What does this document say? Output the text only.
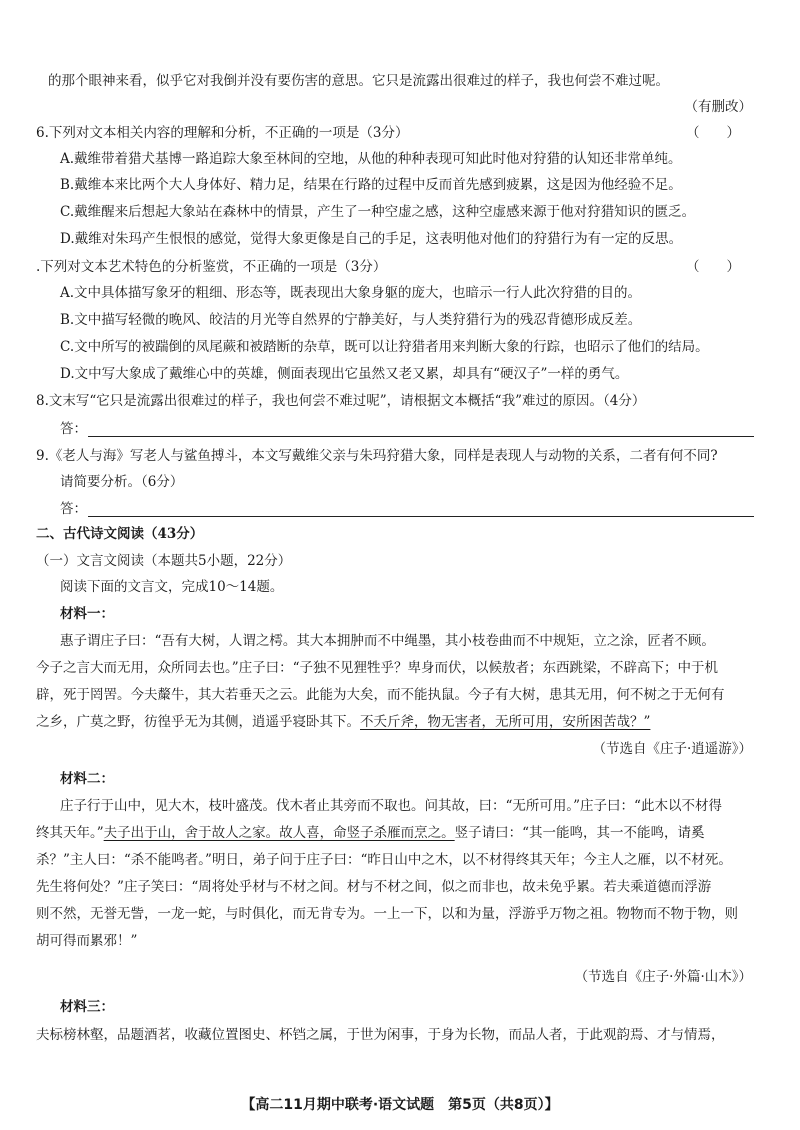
的那个眼神来看，似乎它对我倒并没有要伤害的意思。它只是流露出很难过的样子，我也何尝不难过呢。
（有删改）
6.下列对文本相关内容的理解和分析，不正确的一项是（3分）	（　　）
A.戴维带着猎犬基博一路追踪大象至林间的空地，从他的种种表现可知此时他对狩猎的认知还非常单纯。
B.戴维本来比两个大人身体好、精力足，结果在行路的过程中反而首先感到疲累，这是因为他经验不足。
C.戴维醒来后想起大象站在森林中的情景，产生了一种空虚之感，这种空虚感来源于他对狩猎知识的匮乏。
D.戴维对朱玛产生恨恨的感觉，觉得大象更像是自己的手足，这表明他对他们的狩猎行为有一定的反思。
.下列对文本艺术特色的分析鉴赏，不正确的一项是（3分）	（　　）
A.文中具体描写象牙的粗细、形态等，既表现出大象身躯的庞大，也暗示一行人此次狩猎的目的。
B.文中描写轻微的晚风、皎洁的月光等自然界的宁静美好，与人类狩猎行为的残忍背德形成反差。
C.文中所写的被踹倒的凤尾蕨和被踏断的杂草，既可以让狩猎者用来判断大象的行踪，也昭示了他们的结局。
D.文中写大象成了戴维心中的英雄，侧面表现出它虽然又老又累，却具有“硬汉子”一样的勇气。
8.文末写“它只是流露出很难过的样子，我也何尝不难过呢”，请根据文本概括“我”难过的原因。（4分）
答：
9.《老人与海》写老人与鲨鱼搏斗，本文写戴维父亲与朱玛狩猎大象，同样是表现人与动物的关系，二者有何不同?
请简要分析。（6分）
答：
二、古代诗文阅读（43分）
（一）文言文阅读（本题共5小题，22分）
阅读下面的文言文，完成10～14题。
材料一：
惠子谓庄子曰：“吾有大树，人谓之樗。其大本拥肿而不中绳墨，其小枝卷曲而不中规矩，立之涂，匠者不顾。
今子之言大而无用，众所同去也。”庄子曰：“子独不见狸牲乎？卑身而伏，以候敖者；东西跳梁，不辟高下；中于机
辟，死于罔罟。今夫斄牛，其大若垂天之云。此能为大矣，而不能执鼠。今子有大树，患其无用，何不树之于无何有
之乡，广莫之野，彷徨乎无为其侧，逍遥乎寝卧其下。不夭斤斧，物无害者，无所可用，安所困苦哉？”
（节选自《庄子·逍遥游》）
材料二：
庄子行于山中，见大木，枝叶盛茂。伐木者止其旁而不取也。问其故，曰：“无所可用。”庄子曰：“此木以不材得
终其天年。”夫子出于山，舍于故人之家。故人喜，命竖子杀雁而烹之。竖子请曰：“其一能鸣，其一不能鸣，请奚
杀？”主人曰：“杀不能鸣者。”明日，弟子问于庄子曰：“昨日山中之木，以不材得终其天年；今主人之雁，以不材死。
先生将何处？”庄子笑曰：“周将处乎材与不材之间。材与不材之间，似之而非也，故未免乎累。若夫乘道德而浮游
则不然，无誉无訾，一龙一蛇，与时俱化，而无肯专为。一上一下，以和为量，浮游乎万物之祖。物物而不物于物，则
胡可得而累邪！”
（节选自《庄子·外篇·山木》）
材料三：
夫标榜林壑，品题酒茗，收藏位置图史、杯铛之属，于世为闲事，于身为长物，而品人者，于此观韵焉、才与情焉，
【高二11月期中联考·语文试题　第5页（共8页）】
